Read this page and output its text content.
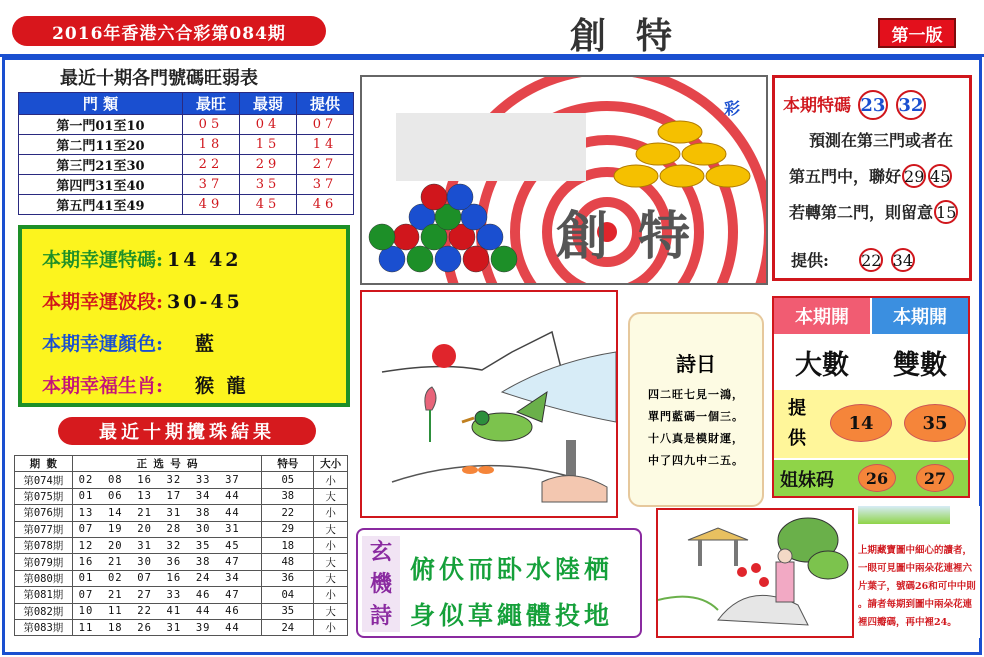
2016年香港六合彩第084期	創特	第一版
最近十期各門號碼旺弱表
門 類	最旺	最弱	提供
第一門01至10	05	04	07
第二門11至20	18	15	14
第三門21至30	22	29	27
第四門31至40	37	35	37
第五門41至49	49	45	46
本期幸運特碼: 14 42
本期幸運波段: 30-45
本期幸運顏色: 藍
本期幸福生肖: 猴 龍
最近十期攪珠結果
期 數	正 选 号 码	特号	大小
第074期	02  08  16  32  33  37	05	小
第075期	01  06  13  17  34  44	38	大
第076期	13  14  21  31  38  44	22	小
第077期	07  19  20  28  30  31	29	大
第078期	12  20  31  32  35  45	18	小
第079期	16  21  30  36  38  47	48	大
第080期	01  02  07  16  24  34	36	大
第081期	07  21  27  33  46  47	04	小
第082期	10  11  22  41  44  46	35	大
第083期	11  18  26  31  39  44	24	小
彩
創特
本期特碼 23 32
預測在第三門或者在
第五門中，聯好 29 45
若轉第二門，則留意 15
提供: 22 34
詩日
四二旺七見一鴻，
單門藍碼一個三。
十八真是模財運，
中了四九中二五。
本期開	本期開
大數	雙數
提供
14	35
姐妹码	26	27
玄機詩
俯伏而卧水陸栖
身似草繩體投地

上期藏寶圖中細心的讀者，

一眼可見圖中兩朵花連裡六

片葉子，號碼26和可中中則

。請者每期到圖中兩朵花連

裡四瓣碼，再中裡24。
